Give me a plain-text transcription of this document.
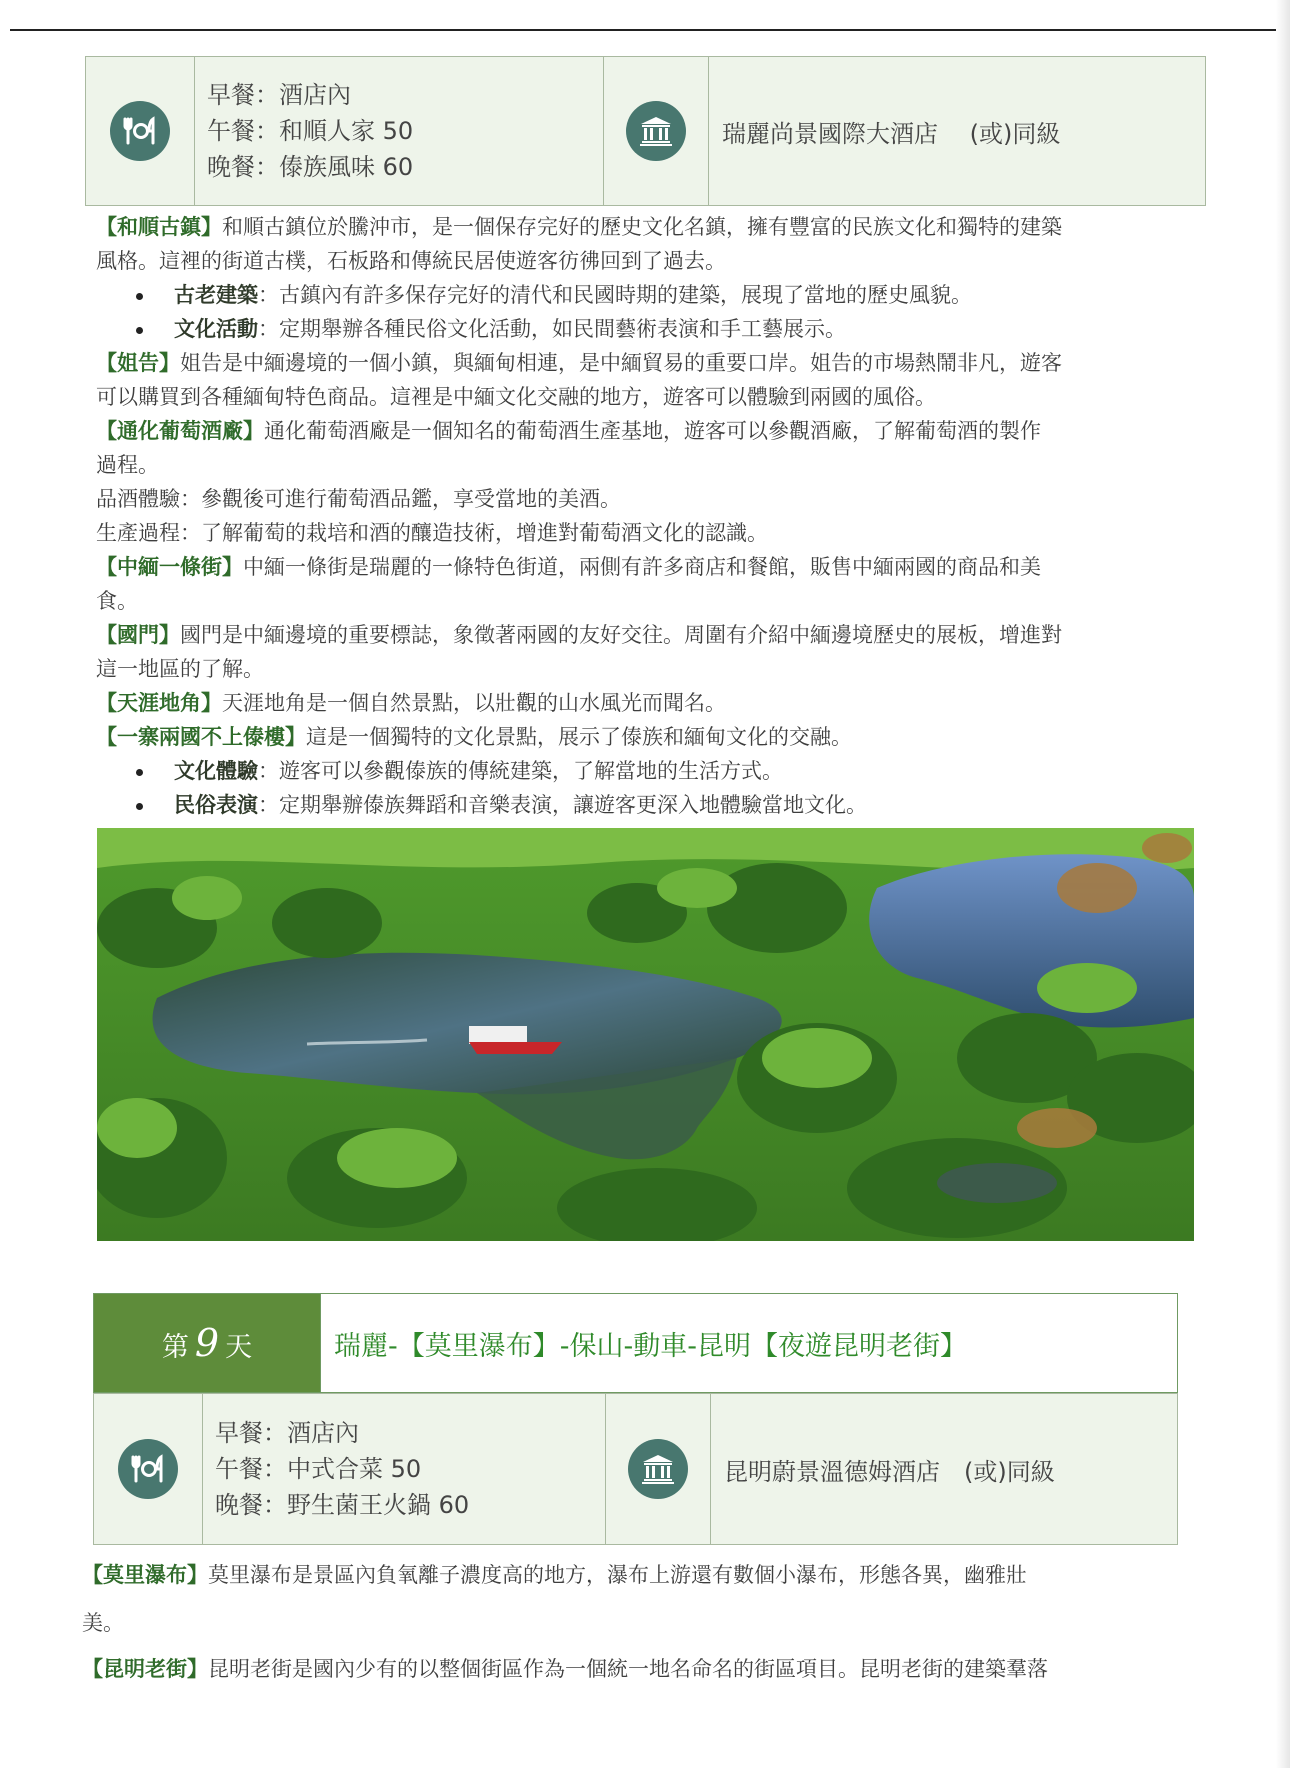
早餐：酒店內
午餐：和順人家 50
晚餐：傣族風味 60

	瑞麗尚景國際大酒店　 (或)同級

【和順古鎮】和順古鎮位於騰沖市，是一個保存完好的歷史文化名鎮，擁有豐富的民族文化和獨特的建築

風格。這裡的街道古樸，石板路和傳統民居使遊客彷彿回到了過去。

古老建築：古鎮內有許多保存完好的清代和民國時期的建築，展現了當地的歷史風貌。
文化活動：定期舉辦各種民俗文化活動，如民間藝術表演和手工藝展示。

【姐告】姐告是中緬邊境的一個小鎮，與緬甸相連，是中緬貿易的重要口岸。姐告的市場熱鬧非凡，遊客

可以購買到各種緬甸特色商品。這裡是中緬文化交融的地方，遊客可以體驗到兩國的風俗。

【通化葡萄酒廠】通化葡萄酒廠是一個知名的葡萄酒生產基地，遊客可以參觀酒廠，了解葡萄酒的製作

過程。

品酒體驗：參觀後可進行葡萄酒品鑑，享受當地的美酒。

生產過程：了解葡萄的栽培和酒的釀造技術，增進對葡萄酒文化的認識。

【中緬一條街】中緬一條街是瑞麗的一條特色街道，兩側有許多商店和餐館，販售中緬兩國的商品和美

食。

【國門】國門是中緬邊境的重要標誌，象徵著兩國的友好交往。周圍有介紹中緬邊境歷史的展板，增進對

這一地區的了解。

【天涯地角】天涯地角是一個自然景點，以壯觀的山水風光而聞名。

【一寨兩國不上傣樓】這是一個獨特的文化景點，展示了傣族和緬甸文化的交融。

文化體驗：遊客可以參觀傣族的傳統建築，了解當地的生活方式。
民俗表演：定期舉辦傣族舞蹈和音樂表演，讓遊客更深入地體驗當地文化。
第 9 天	瑞麗-【莫里瀑布】-保山-動車-昆明【夜遊昆明老街】

早餐：酒店內
午餐：中式合菜 50
晚餐：野生菌王火鍋 60

	昆明蔚景溫德姆酒店　(或)同級

【莫里瀑布】莫里瀑布是景區內負氧離子濃度高的地方，瀑布上游還有數個小瀑布，形態各異，幽雅壯

美。

【昆明老街】昆明老街是國內少有的以整個街區作為一個統一地名命名的街區項目。昆明老街的建築羣落
